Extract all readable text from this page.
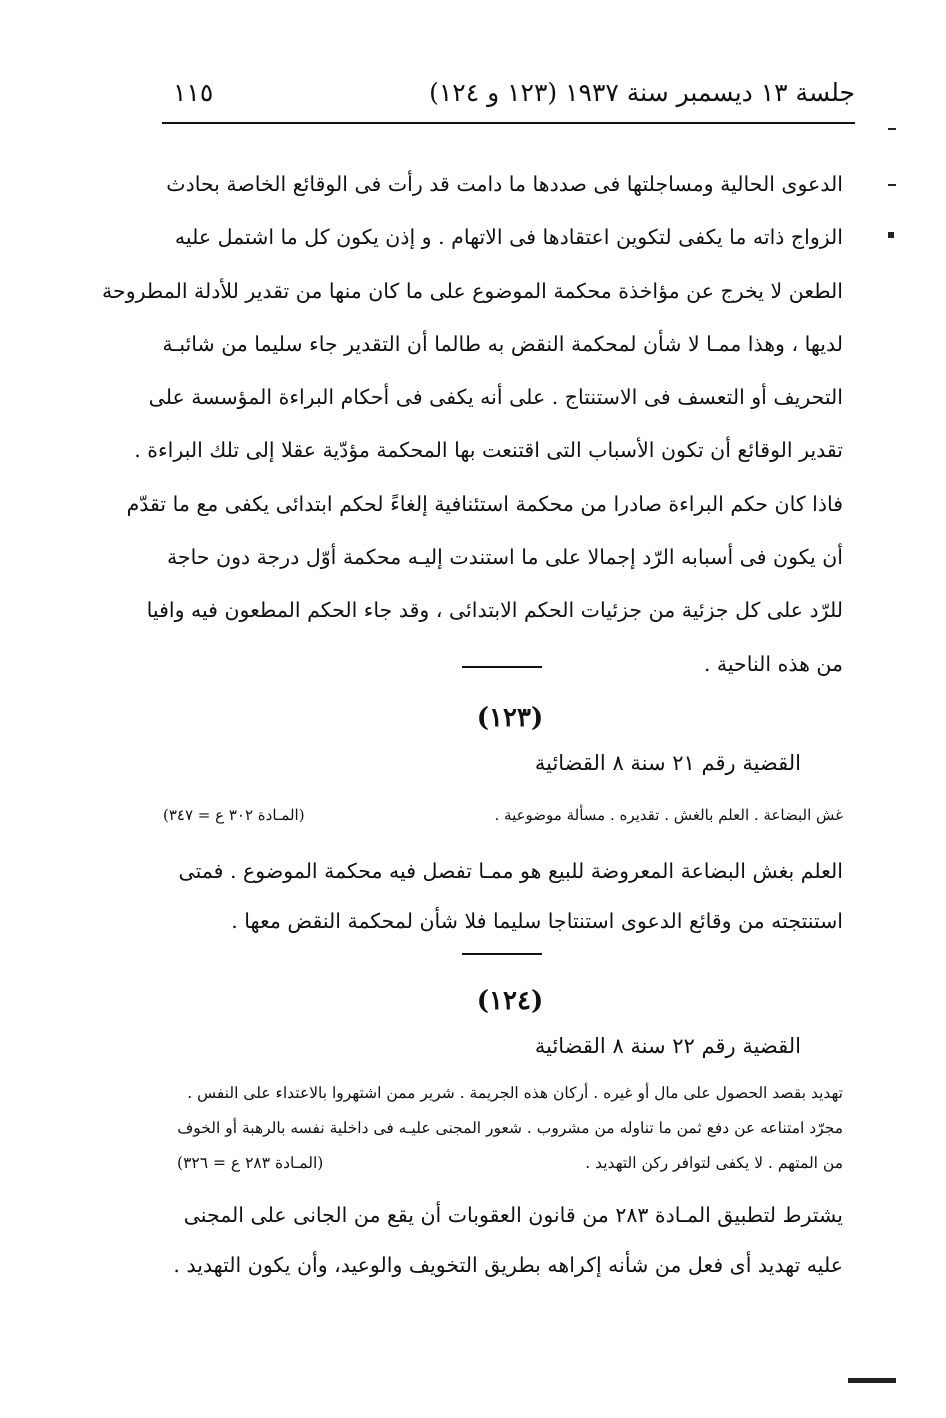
جلسة ١٣ ديسمبر سنة ١٩٣٧ (١٢٣ و ١٢٤)
١١٥
الدعوى الحالية ومساجلتها فى صددها ما دامت قد رأت فى الوقائع الخاصة بحادث
الزواج ذاته ما يكفى لتكوين اعتقادها فى الاتهام . و إذن يكون كل ما اشتمل عليه
الطعن لا يخرج عن مؤاخذة محكمة الموضوع على ما كان منها من تقدير للأدلة المطروحة
لديها ، وهذا ممـا لا شأن لمحكمة النقض به طالما أن التقدير جاء سليما من شائبـة
التحريف أو التعسف فى الاستنتاج . على أنه يكفى فى أحكام البراءة المؤسسة على
تقدير الوقائع أن تكون الأسباب التى اقتنعت بها المحكمة مؤدّية عقلا إلى تلك البراءة .
فاذا كان حكم البراءة صادرا من محكمة استئنافية إلغاءً لحكم ابتدائى يكفى مع ما تقدّم
أن يكون فى أسبابه الرّد إجمالا على ما استندت إليـه محكمة أوّل درجة دون حاجة
للرّد على كل جزئية من جزئيات الحكم الابتدائى ، وقد جاء الحكم المطعون فيه وافيا
من هذه الناحية .
(١٢٣)
القضية رقم ٢١ سنة ٨ القضائية
غش البضاعة . العلم بالغش . تقديره . مسألة موضوعية .
(المـادة ٣٠٢ ع = ٣٤٧)
العلم بغش البضاعة المعروضة للبيع هو ممـا تفصل فيه محكمة الموضوع . فمتى
استنتجته من وقائع الدعوى استنتاجا سليما فلا شأن لمحكمة النقض معها .
(١٢٤)
القضية رقم ٢٢ سنة ٨ القضائية
تهديد بقصد الحصول على مال أو غيره . أركان هذه الجريمة . شرير ممن اشتهروا بالاعتداء على النفس .
مجرّد امتناعه عن دفع ثمن ما تناوله من مشروب . شعور المجنى عليـه فى داخلية نفسه بالرهبة أو الخوف
من المتهم . لا يكفى لتوافر ركن التهديد .
(المـادة ٢٨٣ ع = ٣٢٦)
يشترط لتطبيق المـادة ٢٨٣ من قانون العقوبات أن يقع من الجانى على المجنى
عليه تهديد أى فعل من شأنه إكراهه بطريق التخويف والوعيد، وأن يكون التهديد .
